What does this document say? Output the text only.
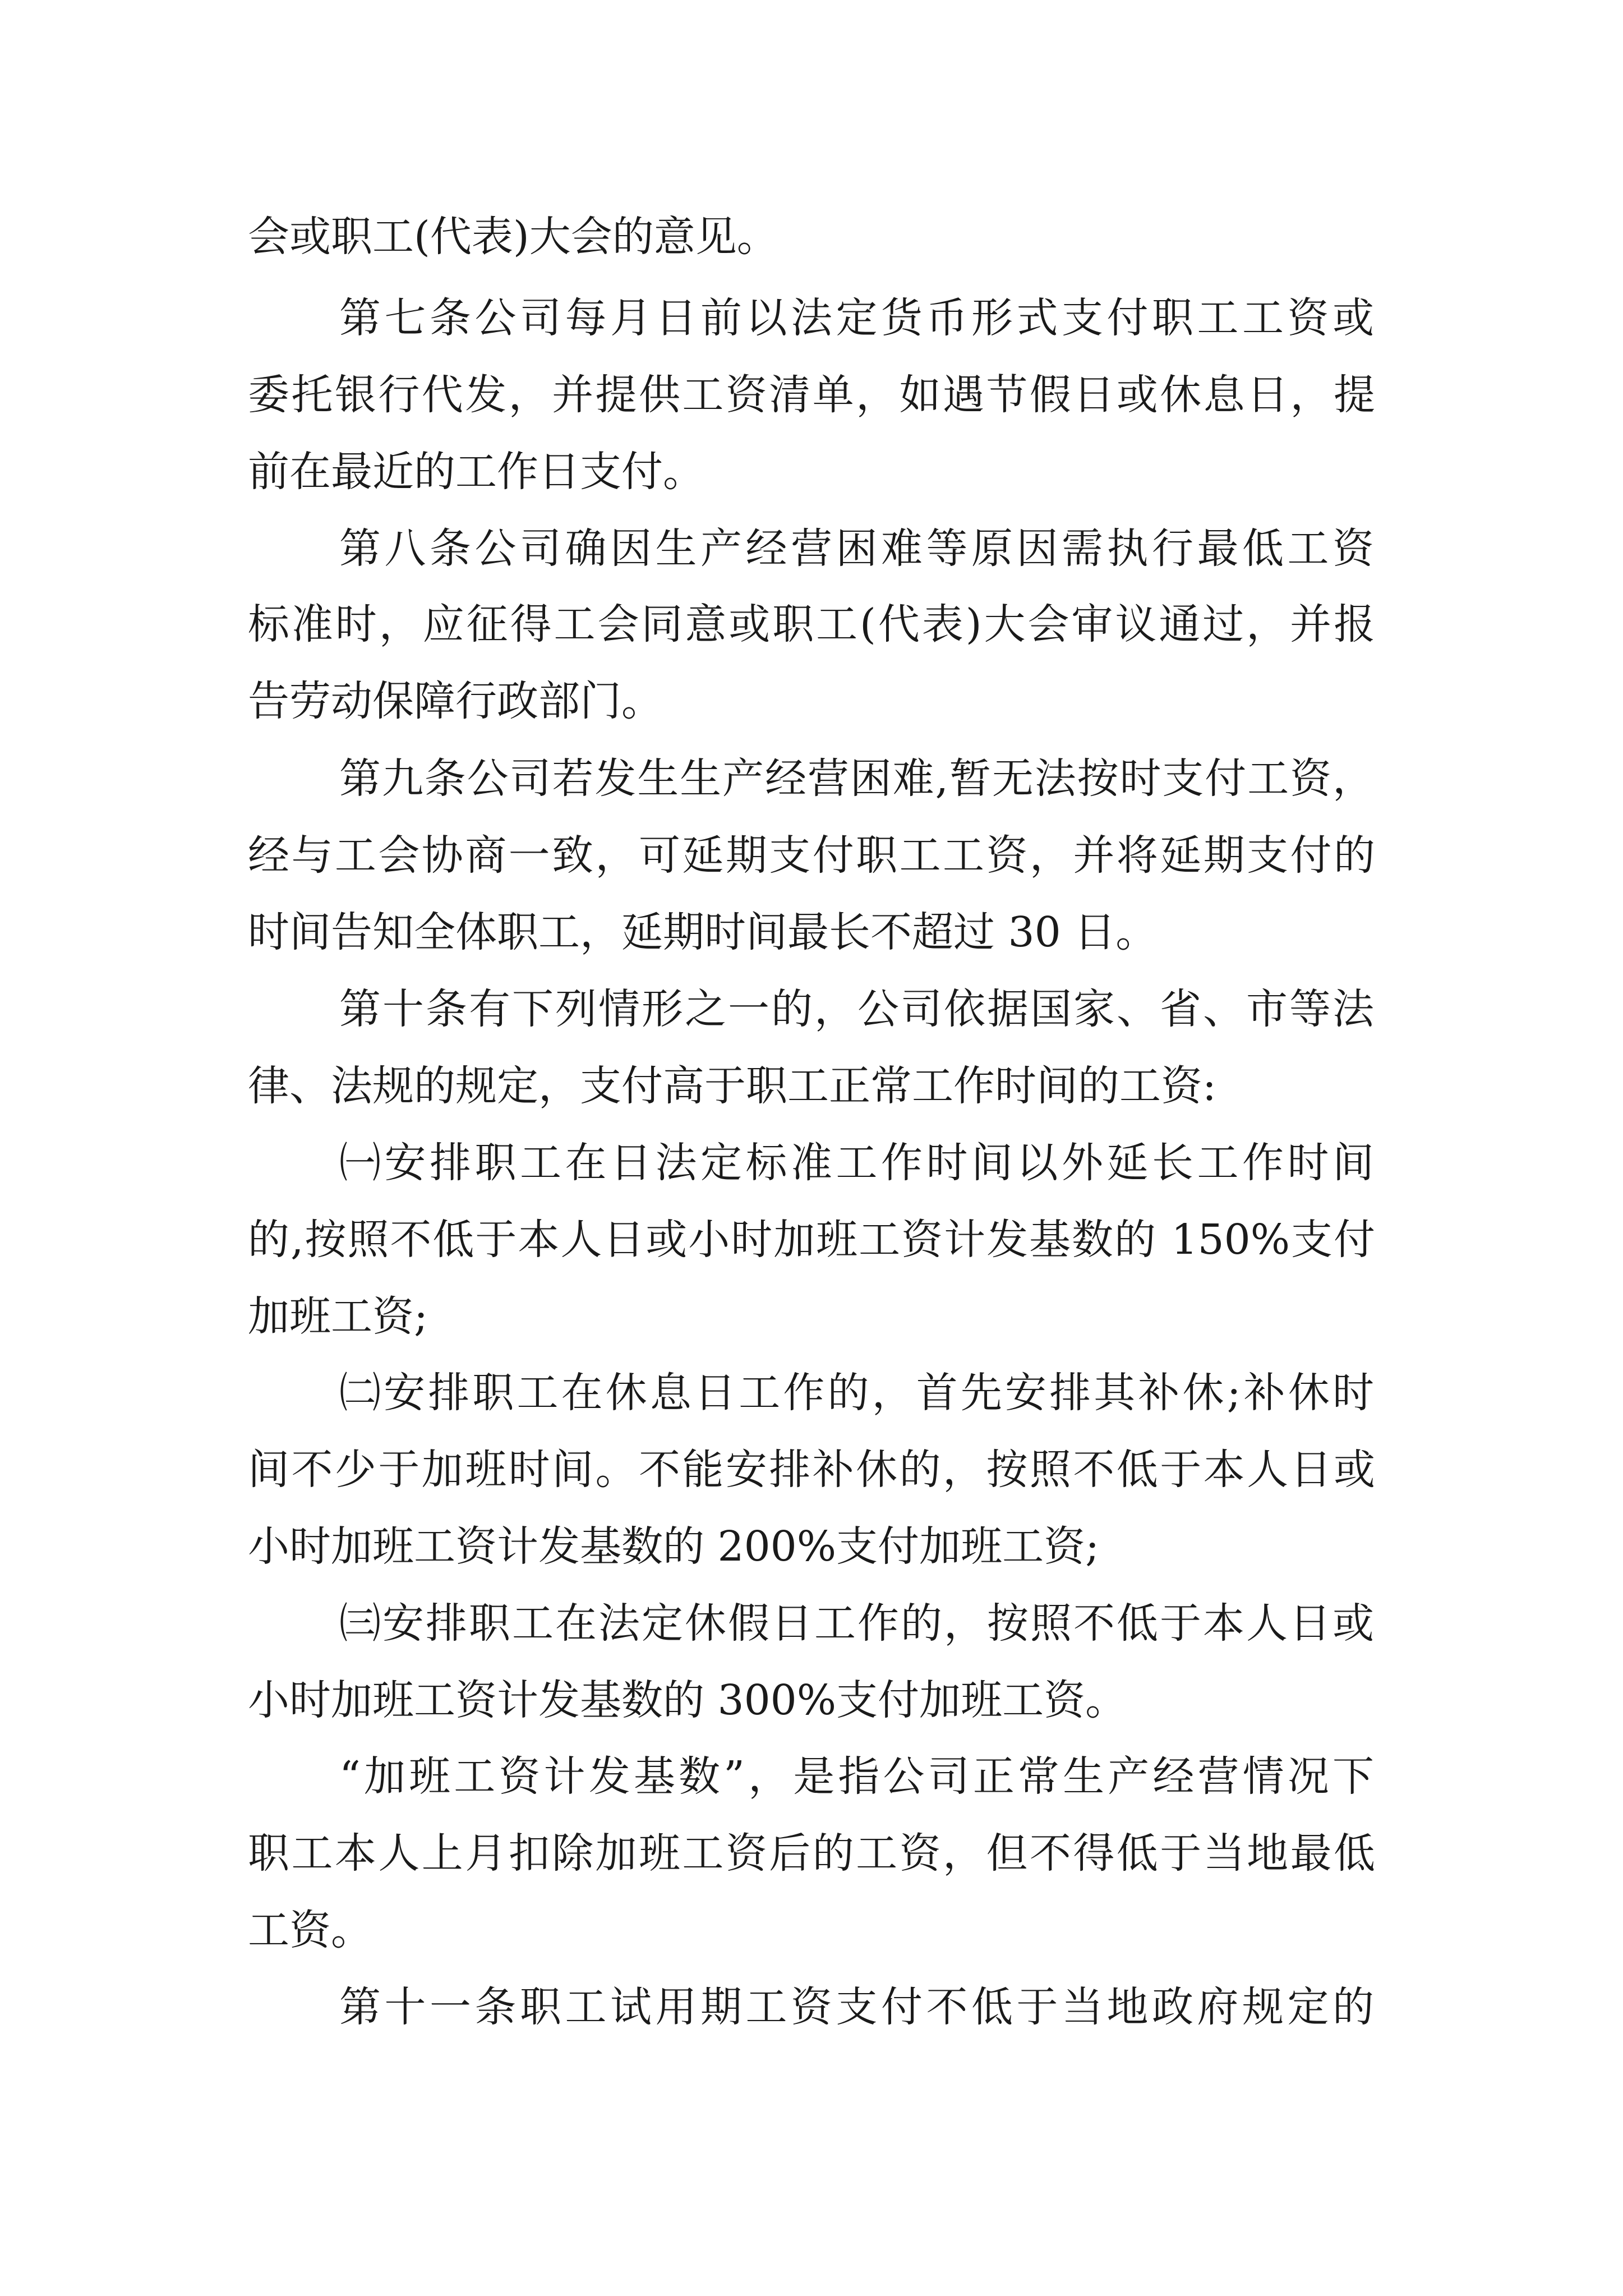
会或职工(代表)大会的意见。
第七条公司每月日前以法定货币形式支付职工工资或
委托银行代发，并提供工资清单，如遇节假日或休息日，提
前在最近的工作日支付。
第八条公司确因生产经营困难等原因需执行最低工资
标准时，应征得工会同意或职工(代表)大会审议通过，并报
告劳动保障行政部门。
第九条公司若发生生产经营困难,暂无法按时支付工资，
经与工会协商一致，可延期支付职工工资，并将延期支付的
时间告知全体职工，延期时间最长不超过 30 日。
第十条有下列情形之一的，公司依据国家、省、市等法
律、法规的规定，支付高于职工正常工作时间的工资:
㈠安排职工在日法定标准工作时间以外延长工作时间
的,按照不低于本人日或小时加班工资计发基数的 150%支付
加班工资;
㈡安排职工在休息日工作的，首先安排其补休;补休时
间不少于加班时间。不能安排补休的，按照不低于本人日或
小时加班工资计发基数的 200%支付加班工资;
㈢安排职工在法定休假日工作的，按照不低于本人日或
小时加班工资计发基数的 300%支付加班工资。
“加班工资计发基数”，是指公司正常生产经营情况下
职工本人上月扣除加班工资后的工资，但不得低于当地最低
工资。
第十一条职工试用期工资支付不低于当地政府规定的
